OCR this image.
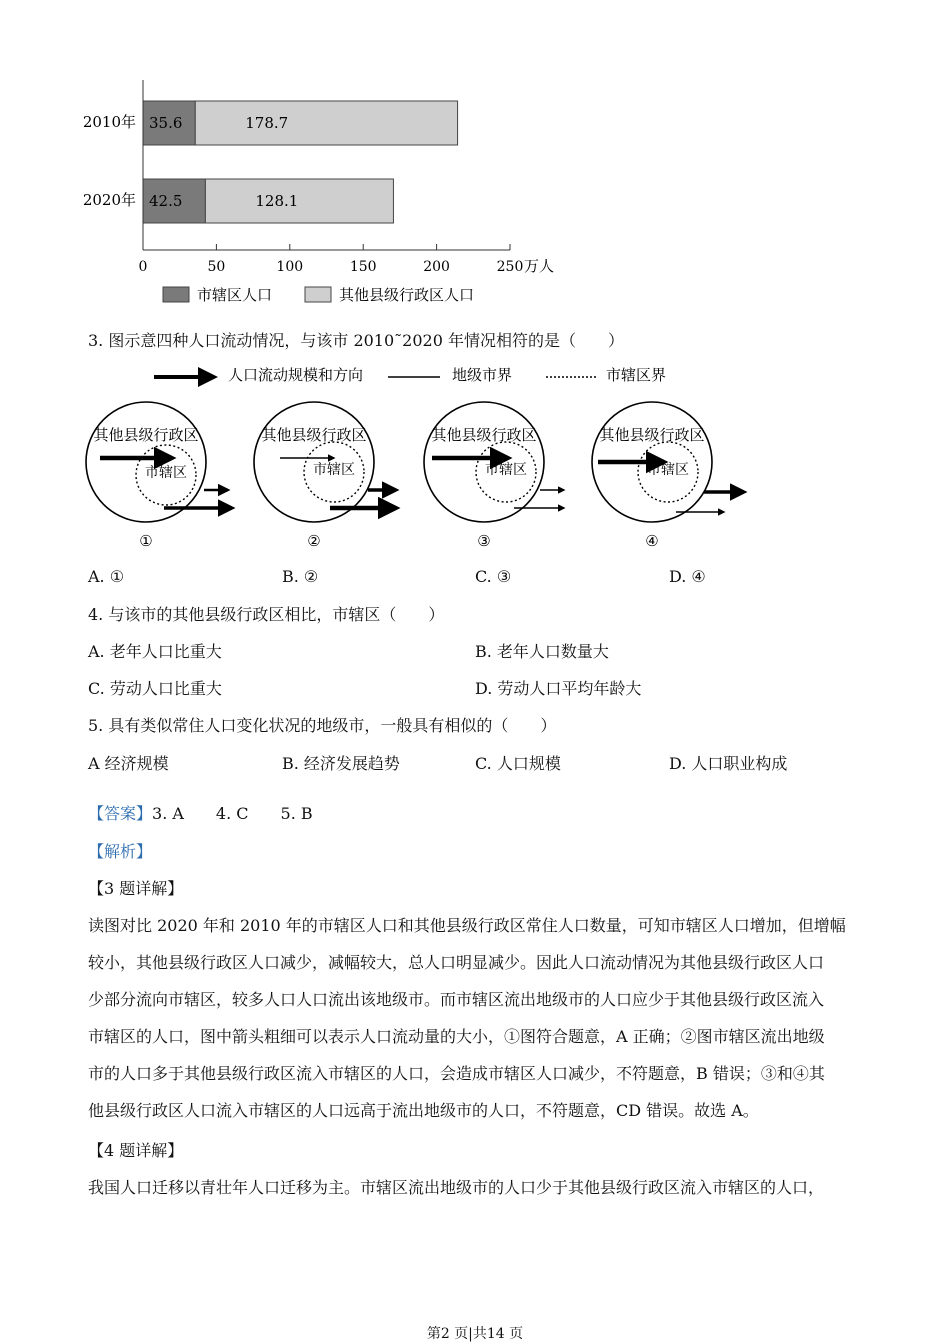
2010年 35.6	178.7
2020年 42.5	128.1
0	50	100	150	200	250 万人
市辖区人口	其他县级行政区人口
3. 图示意四种人口流动情况，与该市 2010˜2020 年情况相符的是（　　）
人口流动规模和方向	地级市界	市辖区界
其他县级行政区
市辖区
①
其他县级行政区
市辖区
②
其他县级行政区
市辖区
③
其他县级行政区
市辖区
④
A. ①	B. ②	C. ③	D. ④
4. 与该市的其他县级行政区相比，市辖区（　　）
A. 老年人口比重大	B. 老年人口数量大
C. 劳动人口比重大	D. 劳动人口平均年龄大
5. 具有类似常住人口变化状况的地级市，一般具有相似的（　　）
A 经济规模	B. 经济发展趋势	C. 人口规模	D. 人口职业构成
【答案】3. A　　4. C　　5. B
【解析】
【3 题详解】
读图对比 2020 年和 2010 年的市辖区人口和其他县级行政区常住人口数量，可知市辖区人口增加，但增幅
较小，其他县级行政区人口减少，减幅较大，总人口明显减少。因此人口流动情况为其他县级行政区人口
少部分流向市辖区，较多人口人口流出该地级市。而市辖区流出地级市的人口应少于其他县级行政区流入
市辖区的人口，图中箭头粗细可以表示人口流动量的大小，①图符合题意，A 正确；②图市辖区流出地级
市的人口多于其他县级行政区流入市辖区的人口，会造成市辖区人口减少，不符题意，B 错误；③和④其
他县级行政区人口流入市辖区的人口远高于流出地级市的人口，不符题意，CD 错误。故选 A。
【4 题详解】
我国人口迁移以青壮年人口迁移为主。市辖区流出地级市的人口少于其他县级行政区流入市辖区的人口，
第2 页|共14 页
